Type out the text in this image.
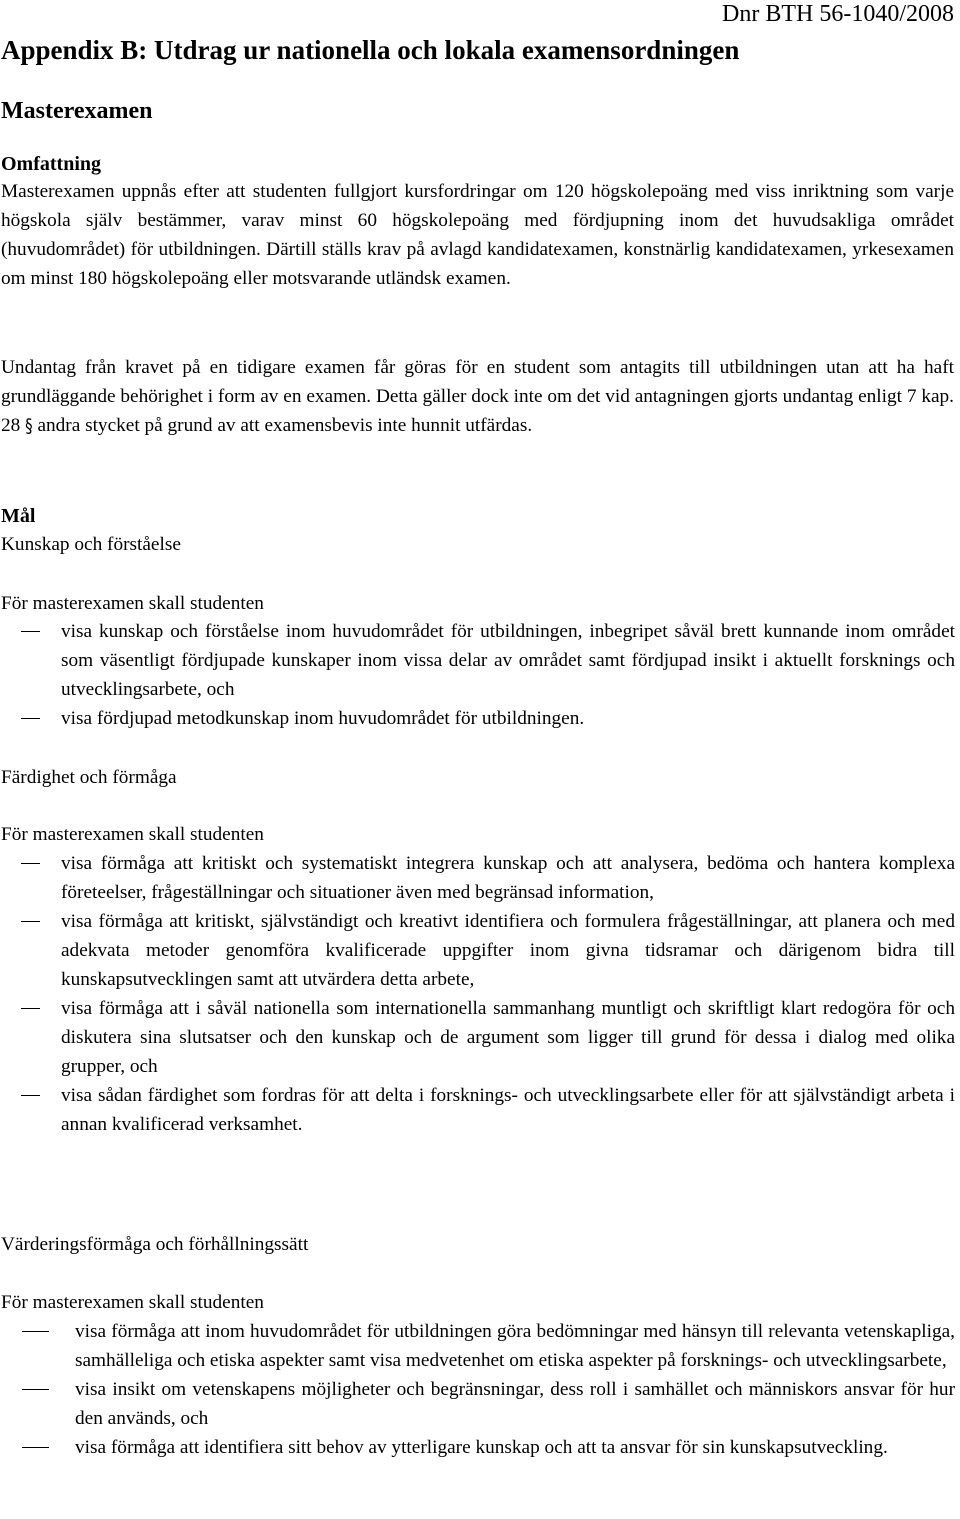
Dnr BTH 56-1040/2008
Appendix B: Utdrag ur nationella och lokala examensordningen
Masterexamen
Omfattning
Masterexamen uppnås efter att studenten fullgjort kursfordringar om 120 högskolepoäng med viss inriktning som varje högskola själv bestämmer, varav minst 60 högskolepoäng med fördjupning inom det huvudsakliga området (huvudområdet) för utbildningen. Därtill ställs krav på avlagd kandidatexamen, konstnärlig kandidatexamen, yrkesexamen om minst 180 högskolepoäng eller motsvarande utländsk examen.
Undantag från kravet på en tidigare examen får göras för en student som antagits till utbildningen utan att ha haft grundläggande behörighet i form av en examen. Detta gäller dock inte om det vid antagningen gjorts undantag enligt 7 kap. 28 § andra stycket på grund av att examensbevis inte hunnit utfärdas.
Mål
Kunskap och förståelse
För masterexamen skall studenten
visa kunskap och förståelse inom huvudområdet för utbildningen, inbegripet såväl brett kunnande inom området som väsentligt fördjupade kunskaper inom vissa delar av området samt fördjupad insikt i aktuellt forsknings och utvecklingsarbete, och
visa fördjupad metodkunskap inom huvudområdet för utbildningen.
Färdighet och förmåga
För masterexamen skall studenten
visa förmåga att kritiskt och systematiskt integrera kunskap och att analysera, bedöma och hantera komplexa företeelser, frågeställningar och situationer även med begränsad information,
visa förmåga att kritiskt, självständigt och kreativt identifiera och formulera frågeställningar, att planera och med adekvata metoder genomföra kvalificerade uppgifter inom givna tidsramar och därigenom bidra till kunskapsutvecklingen samt att utvärdera detta arbete,
visa förmåga att i såväl nationella som internationella sammanhang muntligt och skriftligt klart redogöra för och diskutera sina slutsatser och den kunskap och de argument som ligger till grund för dessa i dialog med olika grupper, och
visa sådan färdighet som fordras för att delta i forsknings- och utvecklingsarbete eller för att självständigt arbeta i annan kvalificerad verksamhet.
Värderingsförmåga och förhållningssätt
För masterexamen skall studenten
visa förmåga att inom huvudområdet för utbildningen göra bedömningar med hänsyn till relevanta vetenskapliga, samhälleliga och etiska aspekter samt visa medvetenhet om etiska aspekter på forsknings- och utvecklingsarbete,
visa insikt om vetenskapens möjligheter och begränsningar, dess roll i samhället och människors ansvar för hur den används, och
visa förmåga att identifiera sitt behov av ytterligare kunskap och att ta ansvar för sin kunskapsutveckling.
